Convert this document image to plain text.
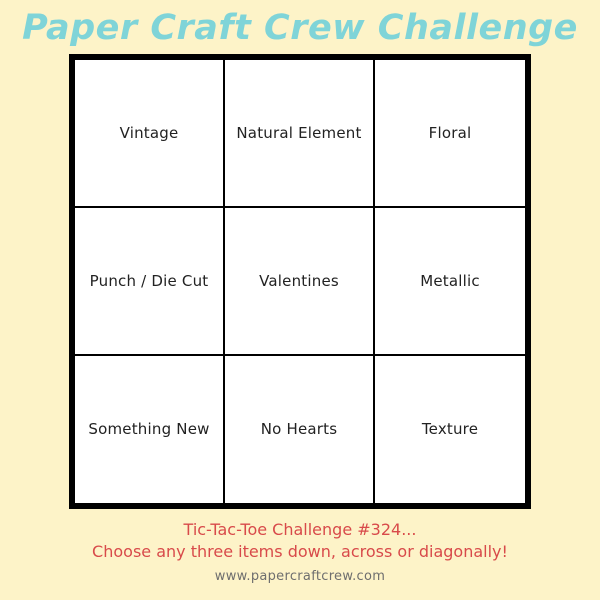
Paper Craft Crew Challenge
Vintage	Natural Element	Floral
Punch / Die Cut	Valentines	Metallic
Something New	No Hearts	Texture
Tic-Tac-Toe Challenge #324...
Choose any three items down, across or diagonally!
www.papercraftcrew.com
